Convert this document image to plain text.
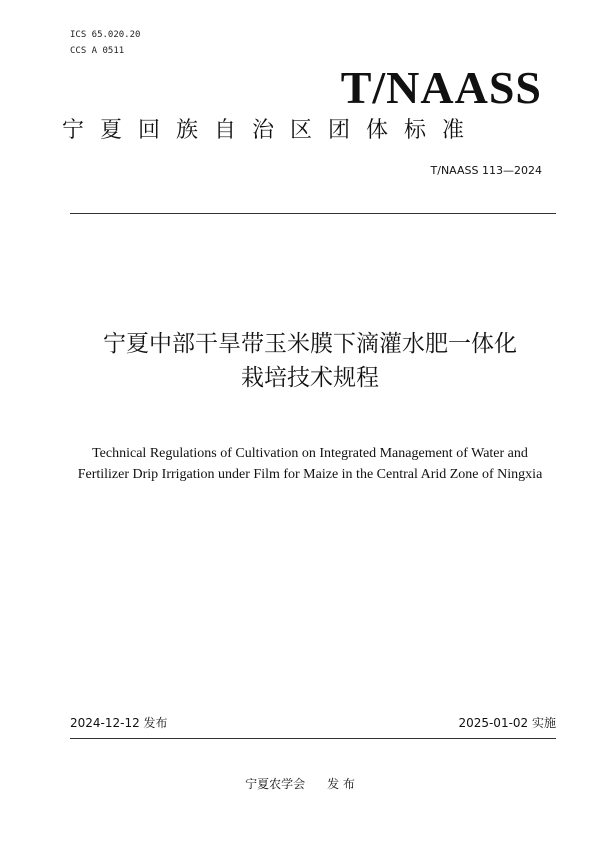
ICS 65.020.20
CCS A 0511
T/NAASS
宁夏回族自治区团体标准
T/NAASS 113—2024
宁夏中部干旱带玉米膜下滴灌水肥一体化
栽培技术规程
Technical Regulations of Cultivation on Integrated Management of Water and
Fertilizer Drip Irrigation under Film for Maize in the Central Arid Zone of Ningxia
2024-12-12 发布	2025-01-02 实施
宁夏农学会 发 布
